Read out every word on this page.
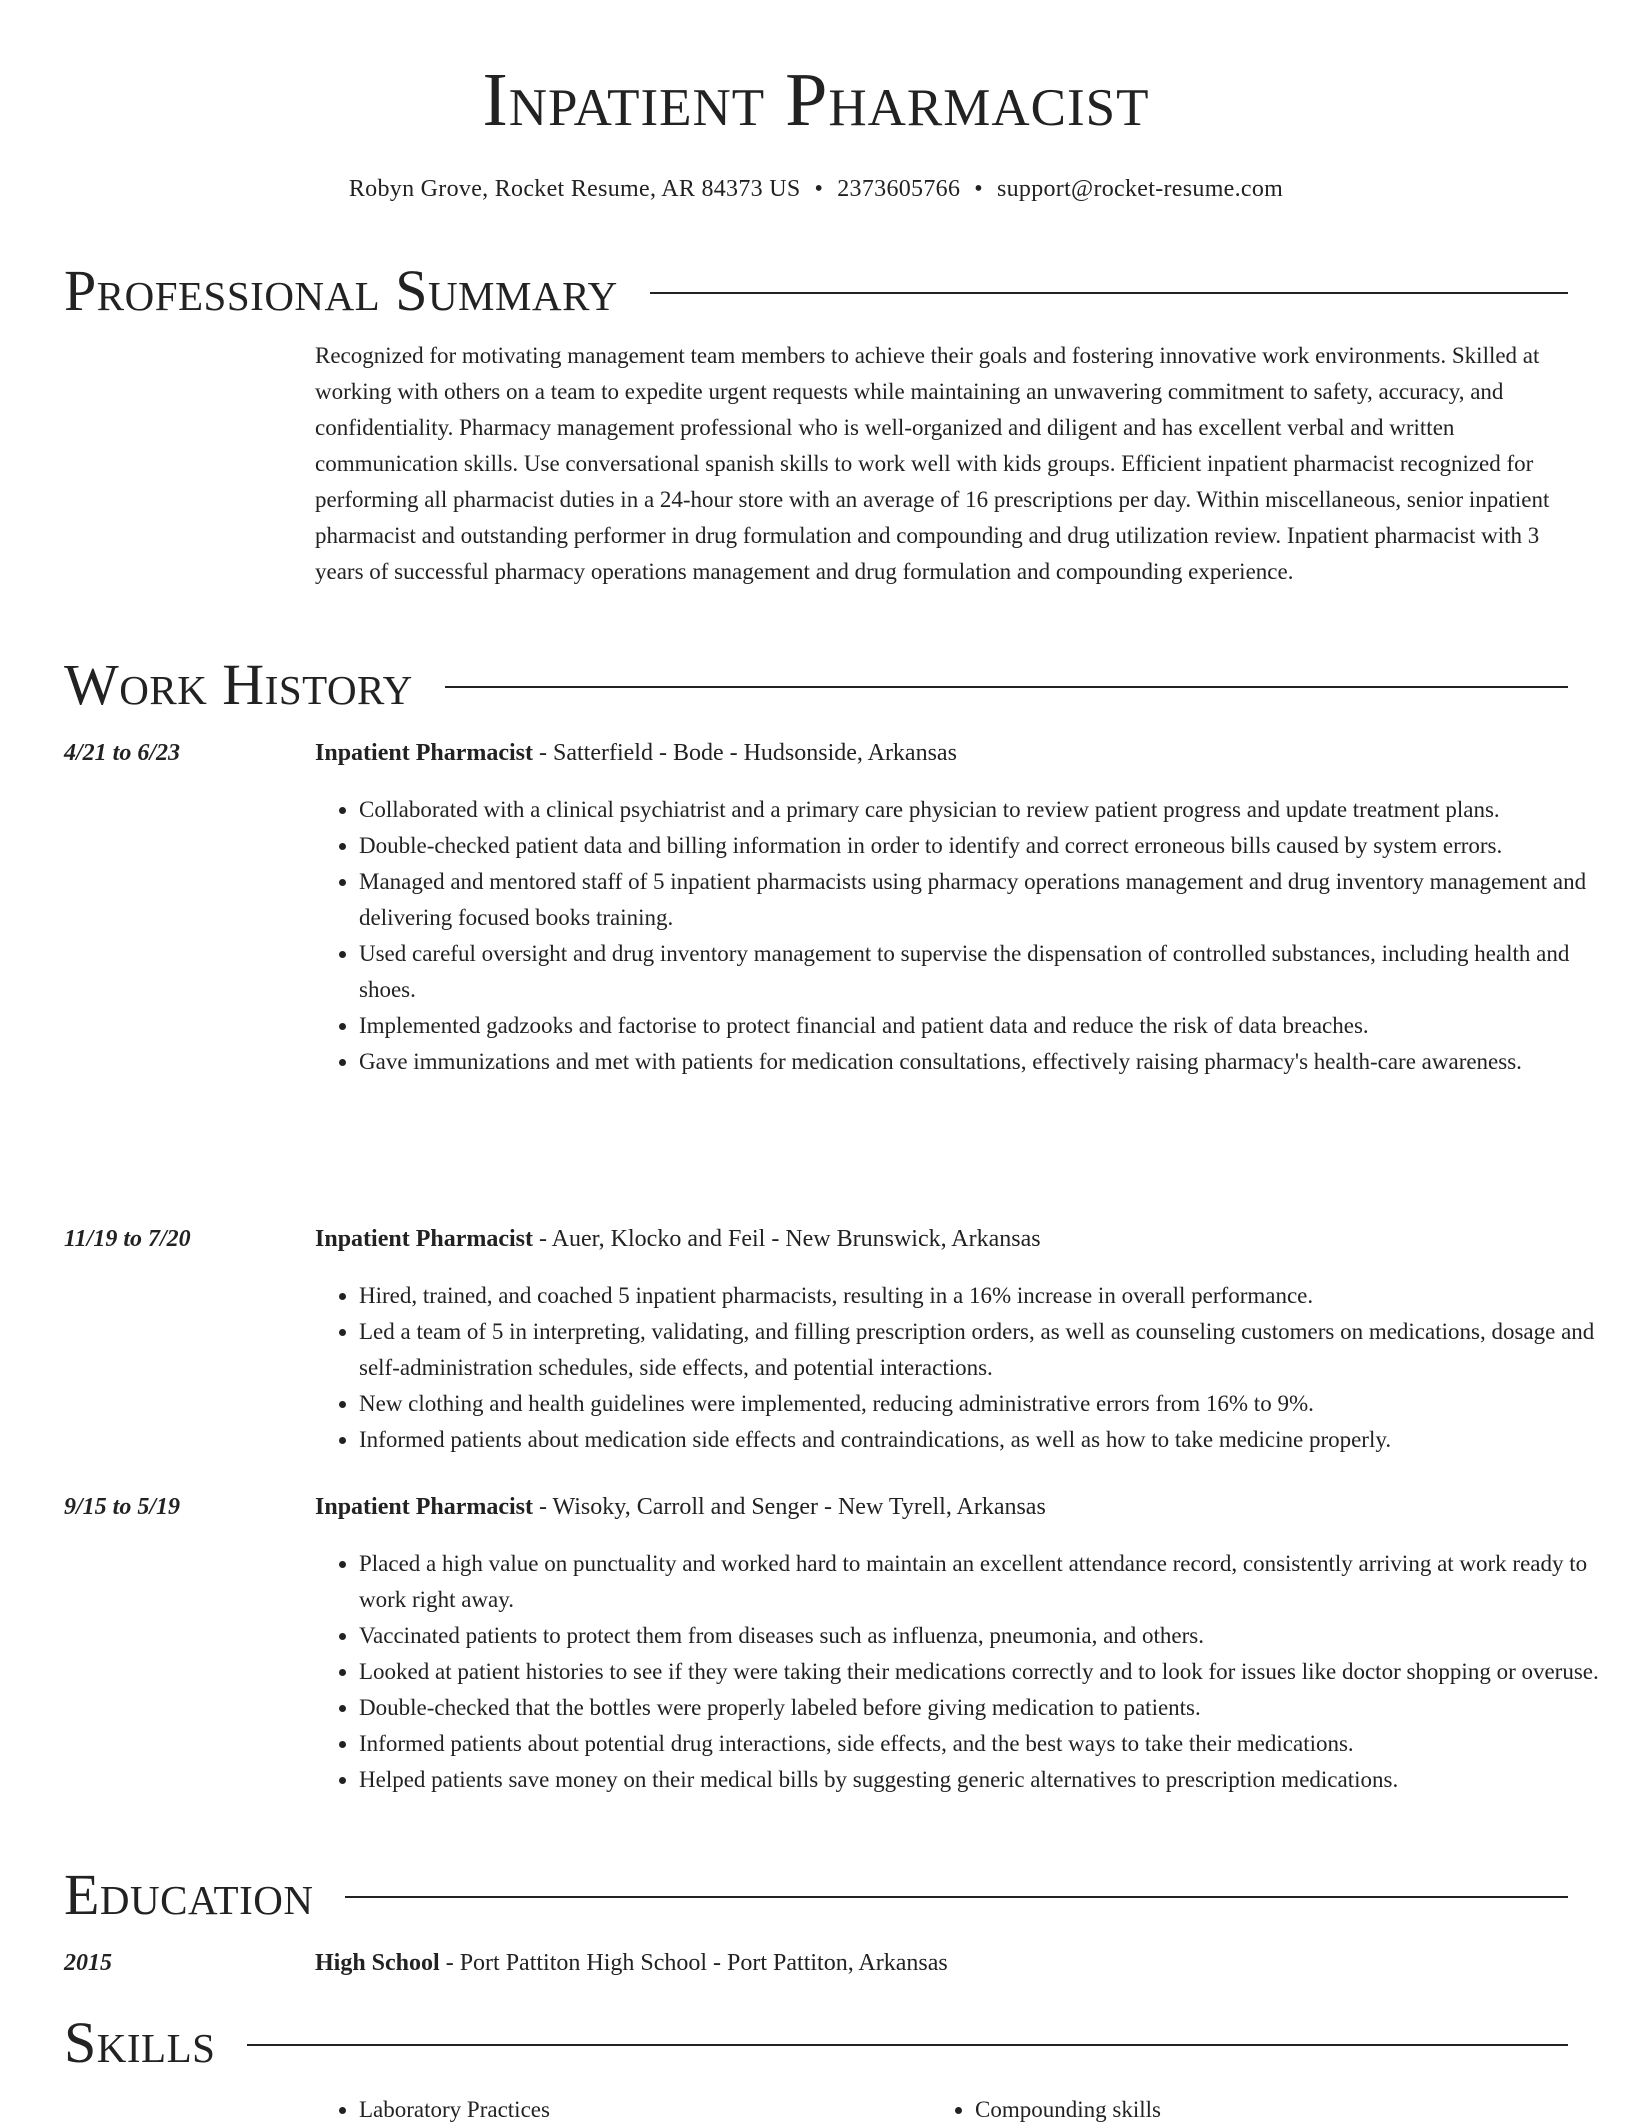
Inpatient Pharmacist
Robyn Grove, Rocket Resume, AR 84373 US • 2373605766 • support@rocket-resume.com
Professional Summary

Recognized for motivating management team members to achieve their goals and fostering innovative work environments. Skilled at working with others on a team to expedite urgent requests while maintaining an unwavering commitment to safety, accuracy, and confidentiality. Pharmacy management professional who is well-organized and diligent and has excellent verbal and written communication skills. Use conversational spanish skills to work well with kids groups. Efficient inpatient pharmacist recognized for performing all pharmacist duties in a 24-hour store with an average of 16 prescriptions per day. Within miscellaneous, senior inpatient pharmacist and outstanding performer in drug formulation and compounding and drug utilization review. Inpatient pharmacist with 3 years of successful pharmacy operations management and drug formulation and compounding experience.

Work History
4/21 to 6/23	Inpatient Pharmacist - Satterfield - Bode - Hudsonside, Arkansas
• Collaborated with a clinical psychiatrist and a primary care physician to review patient progress and update treatment plans.
• Double-checked patient data and billing information in order to identify and correct erroneous bills caused by system errors.
• Managed and mentored staff of 5 inpatient pharmacists using pharmacy operations management and drug inventory management and delivering focused books training.
• Used careful oversight and drug inventory management to supervise the dispensation of controlled substances, including health and shoes.
• Implemented gadzooks and factorise to protect financial and patient data and reduce the risk of data breaches.
• Gave immunizations and met with patients for medication consultations, effectively raising pharmacy's health-care awareness.
11/19 to 7/20	Inpatient Pharmacist - Auer, Klocko and Feil - New Brunswick, Arkansas
• Hired, trained, and coached 5 inpatient pharmacists, resulting in a 16% increase in overall performance.
• Led a team of 5 in interpreting, validating, and filling prescription orders, as well as counseling customers on medications, dosage and self-administration schedules, side effects, and potential interactions.
• New clothing and health guidelines were implemented, reducing administrative errors from 16% to 9%.
• Informed patients about medication side effects and contraindications, as well as how to take medicine properly.
9/15 to 5/19	Inpatient Pharmacist - Wisoky, Carroll and Senger - New Tyrell, Arkansas
• Placed a high value on punctuality and worked hard to maintain an excellent attendance record, consistently arriving at work ready to work right away.
• Vaccinated patients to protect them from diseases such as influenza, pneumonia, and others.
• Looked at patient histories to see if they were taking their medications correctly and to look for issues like doctor shopping or overuse.
• Double-checked that the bottles were properly labeled before giving medication to patients.
• Informed patients about potential drug interactions, side effects, and the best ways to take their medications.
• Helped patients save money on their medical bills by suggesting generic alternatives to prescription medications.
Education
2015	High School - Port Pattiton High School - Port Pattiton, Arkansas
Skills
• Laboratory Practices
•	Compounding skills
